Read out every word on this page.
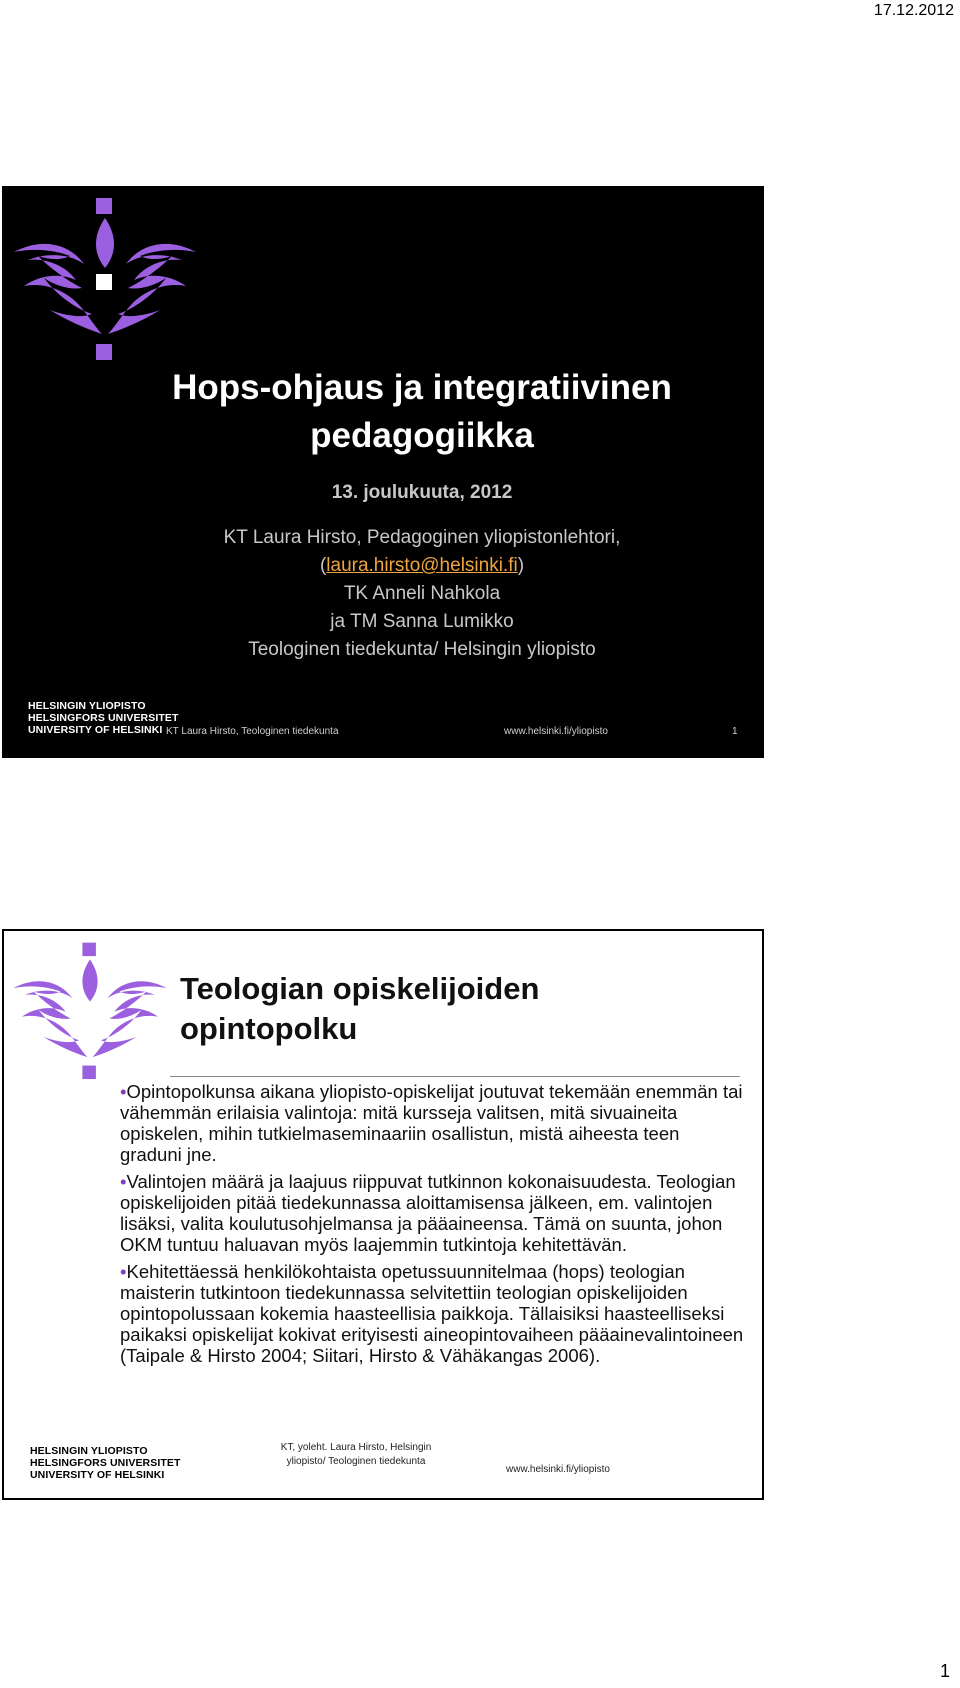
17.12.2012
Hops-ohjaus ja integratiivinen
pedagogiikka
13. joulukuuta, 2012
KT Laura Hirsto, Pedagoginen yliopistonlehtori,
(laura.hirsto@helsinki.fi)
TK Anneli Nahkola
ja TM Sanna Lumikko
Teologinen tiedekunta/ Helsingin yliopisto
HELSINGIN YLIOPISTO
HELSINGFORS UNIVERSITET
UNIVERSITY OF HELSINKI KT Laura Hirsto, Teologinen tiedekunta	www.helsinki.fi/yliopisto	1
Teologian opiskelijoiden
opintopolku

•Opintopolkunsa aikana yliopisto-opiskelijat joutuvat tekemään enemmän tai vähemmän erilaisia valintoja: mitä kursseja valitsen, mitä sivuaineita opiskelen, mihin tutkielmaseminaariin osallistun, mistä aiheesta teen graduni jne.

•Valintojen määrä ja laajuus riippuvat tutkinnon kokonaisuudesta. Teologian opiskelijoiden pitää tiedekunnassa aloittamisensa jälkeen, em. valintojen lisäksi, valita koulutusohjelmansa ja pääaineensa. Tämä on suunta, johon OKM tuntuu haluavan myös laajemmin tutkintoja kehitettävän.

•Kehitettäessä henkilökohtaista opetussuunnitelmaa (hops) teologian maisterin tutkintoon tiedekunnassa selvitettiin teologian opiskelijoiden opintopolussaan kokemia haasteellisia paikkoja. Tällaisiksi haasteelliseksi paikaksi opiskelijat kokivat erityisesti aineopintovaiheen pääainevalintoineen (Taipale & Hirsto 2004; Siitari, Hirsto & Vähäkangas 2006).

HELSINGIN YLIOPISTO
HELSINGFORS UNIVERSITET
UNIVERSITY OF HELSINKI
KT, yoleht. Laura Hirsto, Helsingin
yliopisto/ Teologinen tiedekunta
www.helsinki.fi/yliopisto
1
